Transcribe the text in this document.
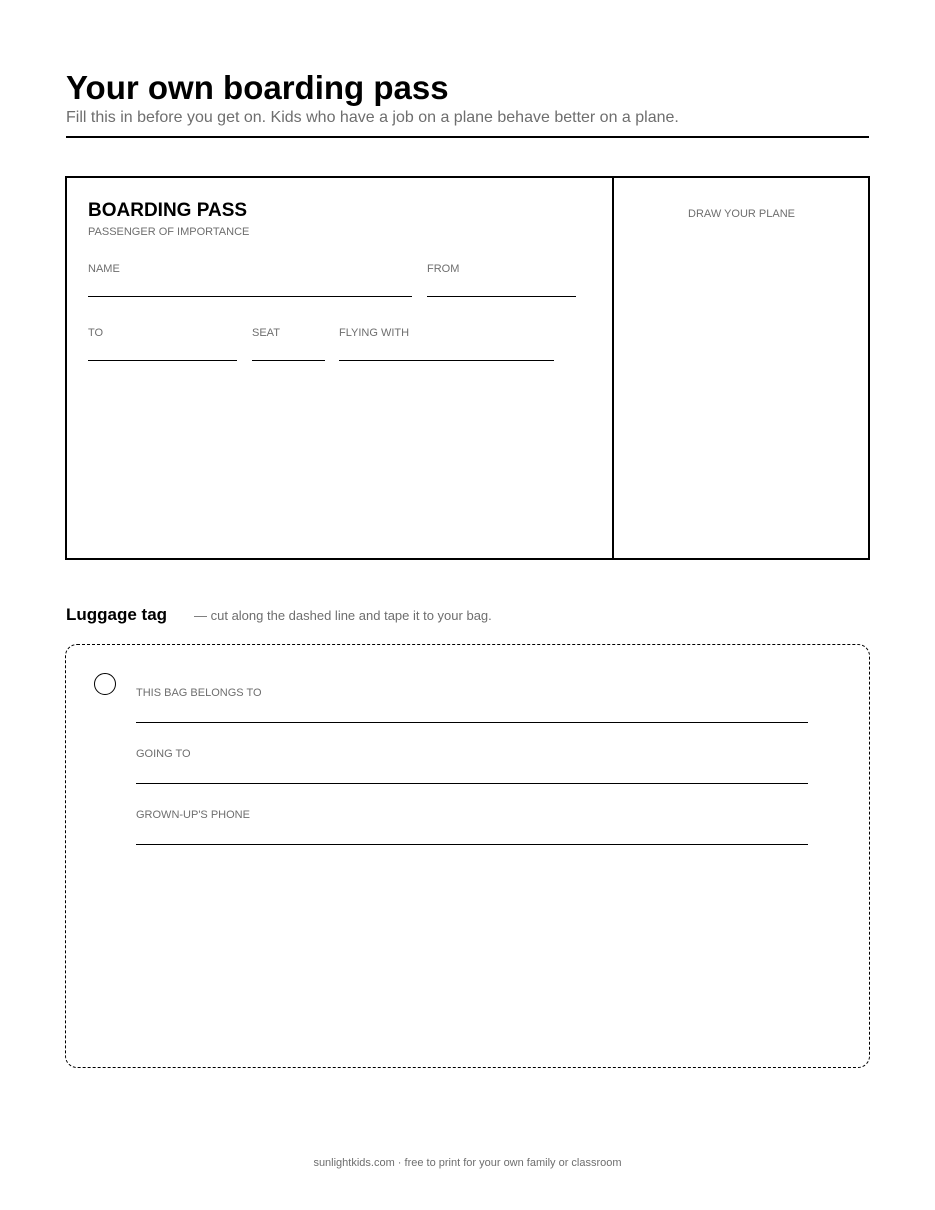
Your own boarding pass
Fill this in before you get on. Kids who have a job on a plane behave better on a plane.
BOARDING PASS
PASSENGER OF IMPORTANCE
NAME	FROM
TO	SEAT	FLYING WITH
DRAW YOUR PLANE
Luggage tag — cut along the dashed line and tape it to your bag.
THIS BAG BELONGS TO
GOING TO
GROWN-UP'S PHONE
sunlightkids.com · free to print for your own family or classroom
